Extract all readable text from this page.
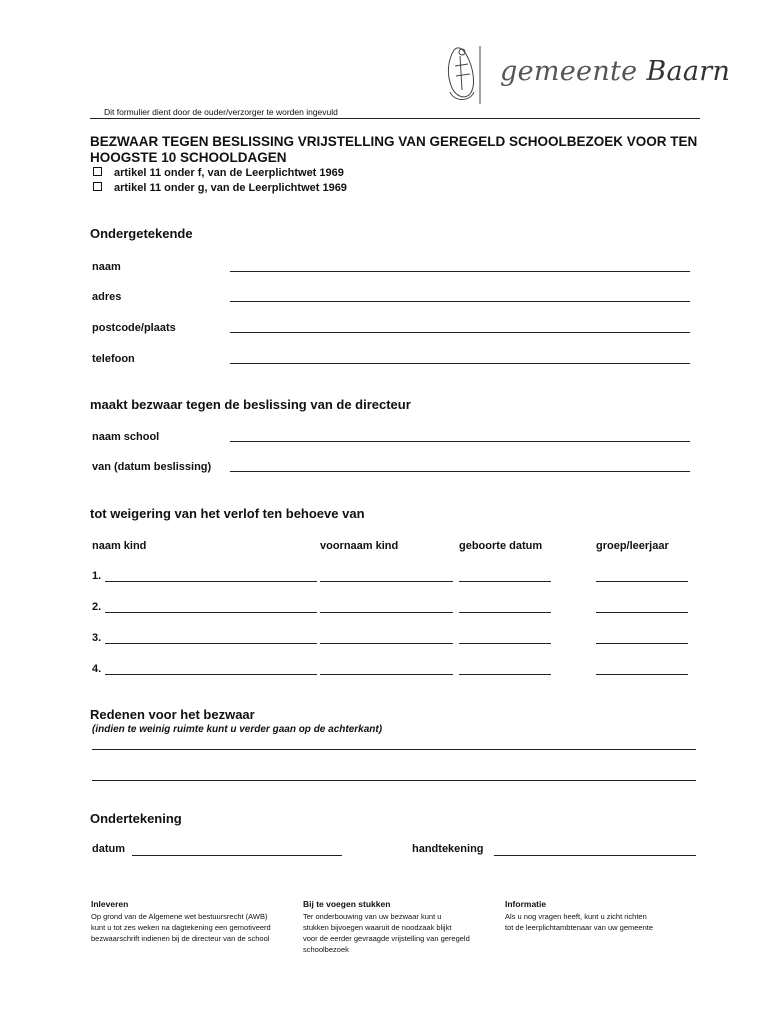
gemeente Baarn
Dit formulier dient door de ouder/verzorger te worden ingevuld
BEZWAAR TEGEN BESLISSING VRIJSTELLING VAN GEREGELD SCHOOLBEZOEK VOOR TEN HOOGSTE 10 SCHOOLDAGEN
artikel 11 onder f, van de Leerplichtwet 1969
artikel 11 onder g, van de Leerplichtwet 1969
Ondergetekende
naam
adres
postcode/plaats
telefoon
maakt bezwaar tegen de beslissing van de directeur
naam school
van (datum beslissing)
tot weigering van het verlof ten behoeve van
naam kind	voornaam kind	geboorte datum	groep/leerjaar
1.
2.
3.
4.
Redenen voor het bezwaar
(indien te weinig ruimte kunt u verder gaan op de achterkant)
Ondertekening
datum	handtekening
Inleveren
Op grond van de Algemene wet bestuursrecht (AWB)
kunt u tot zes weken na dagtekening een gemotiveerd
bezwaarschrift indienen bij de directeur van de school
Bij te voegen stukken
Ter onderbouwing van uw bezwaar kunt u
stukken bijvoegen waaruit de noodzaak blijkt
voor de eerder gevraagde vrijstelling van geregeld
schoolbezoek
Informatie
Als u nog vragen heeft, kunt u zicht richten
tot de leerplichtambtenaar van uw gemeente
